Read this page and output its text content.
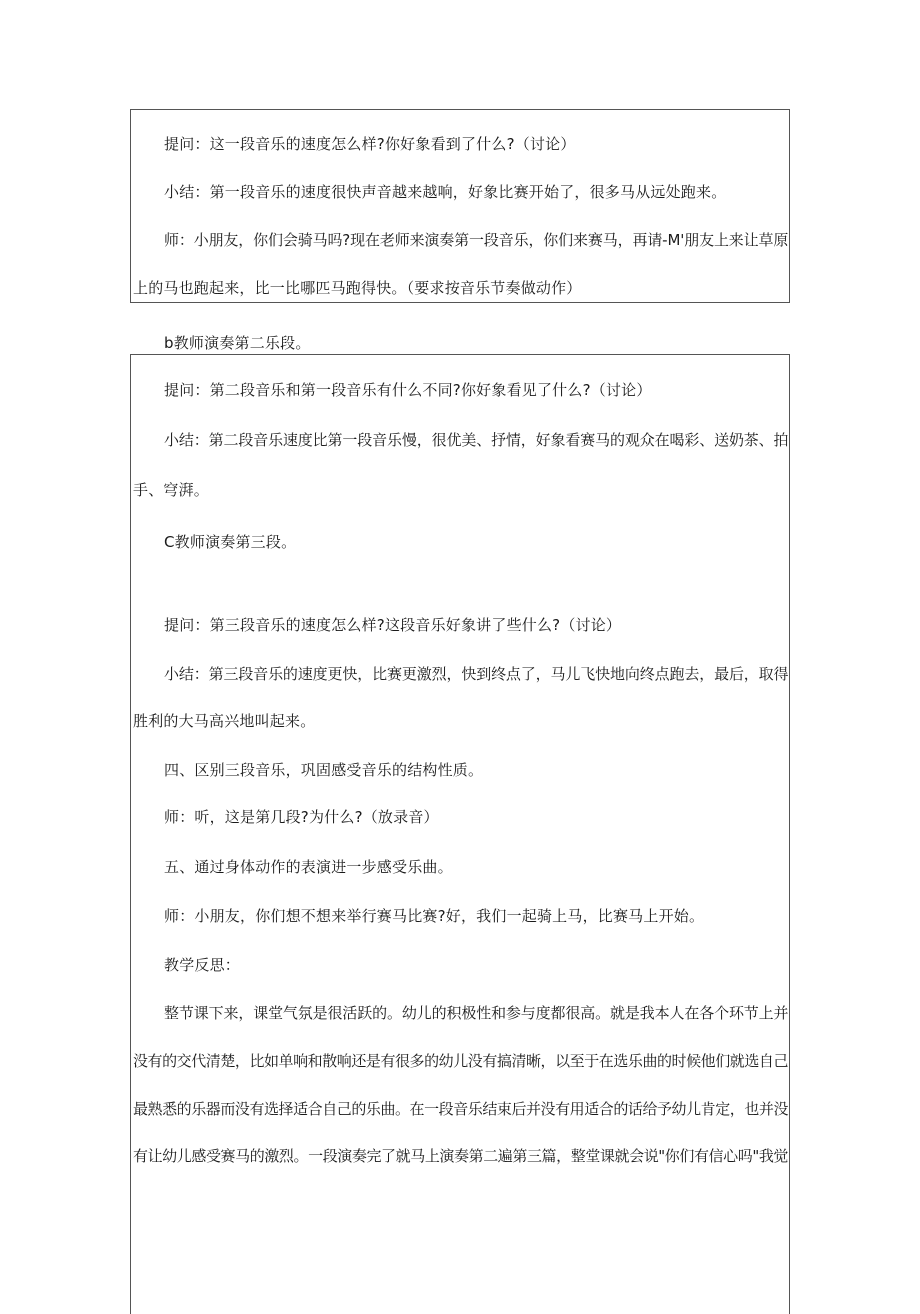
提问：这一段音乐的速度怎么样?你好象看到了什么?（讨论）
小结：第一段音乐的速度很快声音越来越响，好象比赛开始了，很多马从远处跑来。
师：小朋友，你们会骑马吗?现在老师来演奏第一段音乐，你们来赛马，再请-M'朋友上来让草原
上的马也跑起来，比一比哪匹马跑得快。（要求按音乐节奏做动作）
b教师演奏第二乐段。
提问：第二段音乐和第一段音乐有什么不同?你好象看见了什么?（讨论）
小结：第二段音乐速度比第一段音乐慢，很优美、抒情，好象看赛马的观众在喝彩、送奶茶、拍
手、穹湃。
C教师演奏第三段。
提问：第三段音乐的速度怎么样?这段音乐好象讲了些什么?（讨论）
小结：第三段音乐的速度更快，比赛更激烈，快到终点了，马儿飞快地向终点跑去，最后，取得
胜利的大马高兴地叫起来。
四、区别三段音乐，巩固感受音乐的结构性质。
师：听，这是第几段?为什么?（放录音）
五、通过身体动作的表演进一步感受乐曲。
师：小朋友，你们想不想来举行赛马比赛?好，我们一起骑上马，比赛马上开始。
教学反思：
整节课下来，课堂气氛是很活跃的。幼儿的积极性和参与度都很高。就是我本人在各个环节上并
没有的交代清楚，比如单响和散响还是有很多的幼儿没有搞清晰，以至于在选乐曲的时候他们就选自己
最熟悉的乐器而没有选择适合自己的乐曲。在一段音乐结束后并没有用适合的话给予幼儿肯定，也并没
有让幼儿感受赛马的激烈。一段演奏完了就马上演奏第二遍第三篇，整堂课就会说"你们有信心吗"我觉
